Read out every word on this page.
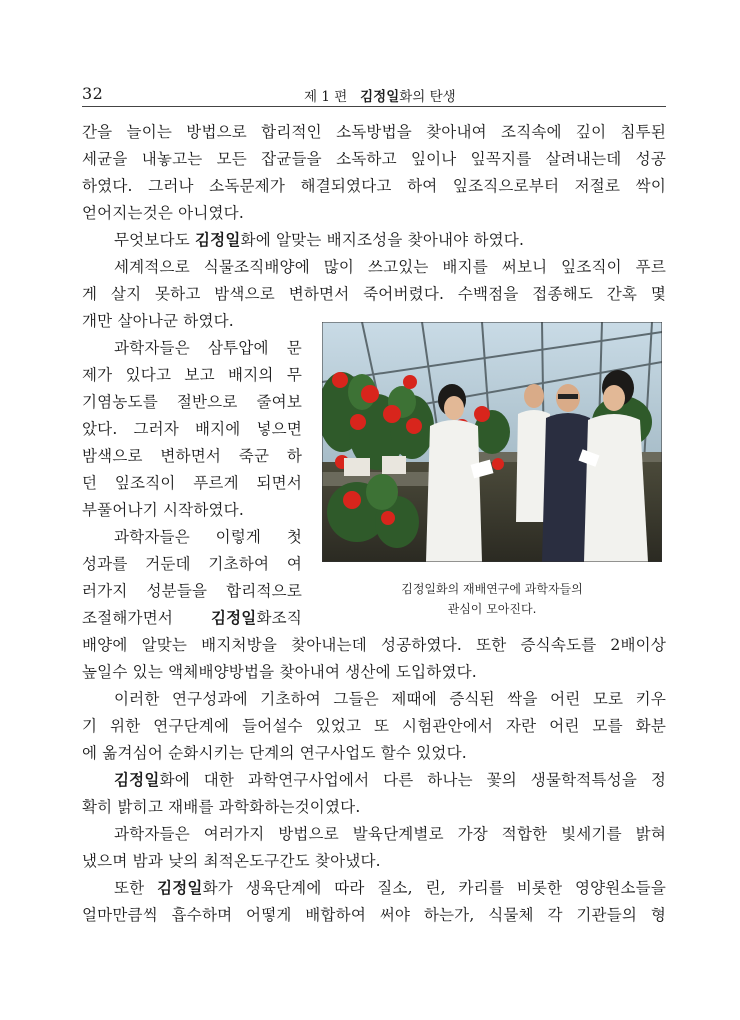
32	제 1 편 김정일화의 탄생
간을 늘이는 방법으로 합리적인 소독방법을 찾아내여 조직속에 깊이 침투된
세균을 내놓고는 모든 잡균들을 소독하고 잎이나 잎꼭지를 살려내는데 성공
하였다. 그러나 소독문제가 해결되였다고 하여 잎조직으로부터 저절로 싹이
얻어지는것은 아니였다.
무엇보다도 김정일화에 알맞는 배지조성을 찾아내야 하였다.
세계적으로 식물조직배양에 많이 쓰고있는 배지를 써보니 잎조직이 푸르
게 살지 못하고 밤색으로 변하면서 죽어버렸다. 수백점을 접종해도 간혹 몇
개만 살아나군 하였다.
과학자들은 삼투압에 문
제가 있다고 보고 배지의 무
기염농도를 절반으로 줄여보
았다. 그러자 배지에 넣으면
밤색으로 변하면서 죽군 하
던 잎조직이 푸르게 되면서
부풀어나기 시작하였다.
과학자들은 이렇게 첫
성과를 거둔데 기초하여 여
러가지 성분들을 합리적으로
조절해가면서 김정일화조직
배양에 알맞는 배지처방을 찾아내는데 성공하였다. 또한 증식속도를 2배이상
높일수 있는 액체배양방법을 찾아내여 생산에 도입하였다.
이러한 연구성과에 기초하여 그들은 제때에 증식된 싹을 어린 모로 키우
기 위한 연구단계에 들어설수 있었고 또 시험관안에서 자란 어린 모를 화분
에 옮겨심어 순화시키는 단계의 연구사업도 할수 있었다.
김정일화에 대한 과학연구사업에서 다른 하나는 꽃의 생물학적특성을 정
확히 밝히고 재배를 과학화하는것이였다.
과학자들은 여러가지 방법으로 발육단계별로 가장 적합한 빛세기를 밝혀
냈으며 밤과 낮의 최적온도구간도 찾아냈다.
또한 김정일화가 생육단계에 따라 질소, 린, 카리를 비롯한 영양원소들을
얼마만큼씩 흡수하며 어떻게 배합하여 써야 하는가, 식물체 각 기관들의 형
김정일화의 재배연구에 과학자들의
관심이 모아진다.
